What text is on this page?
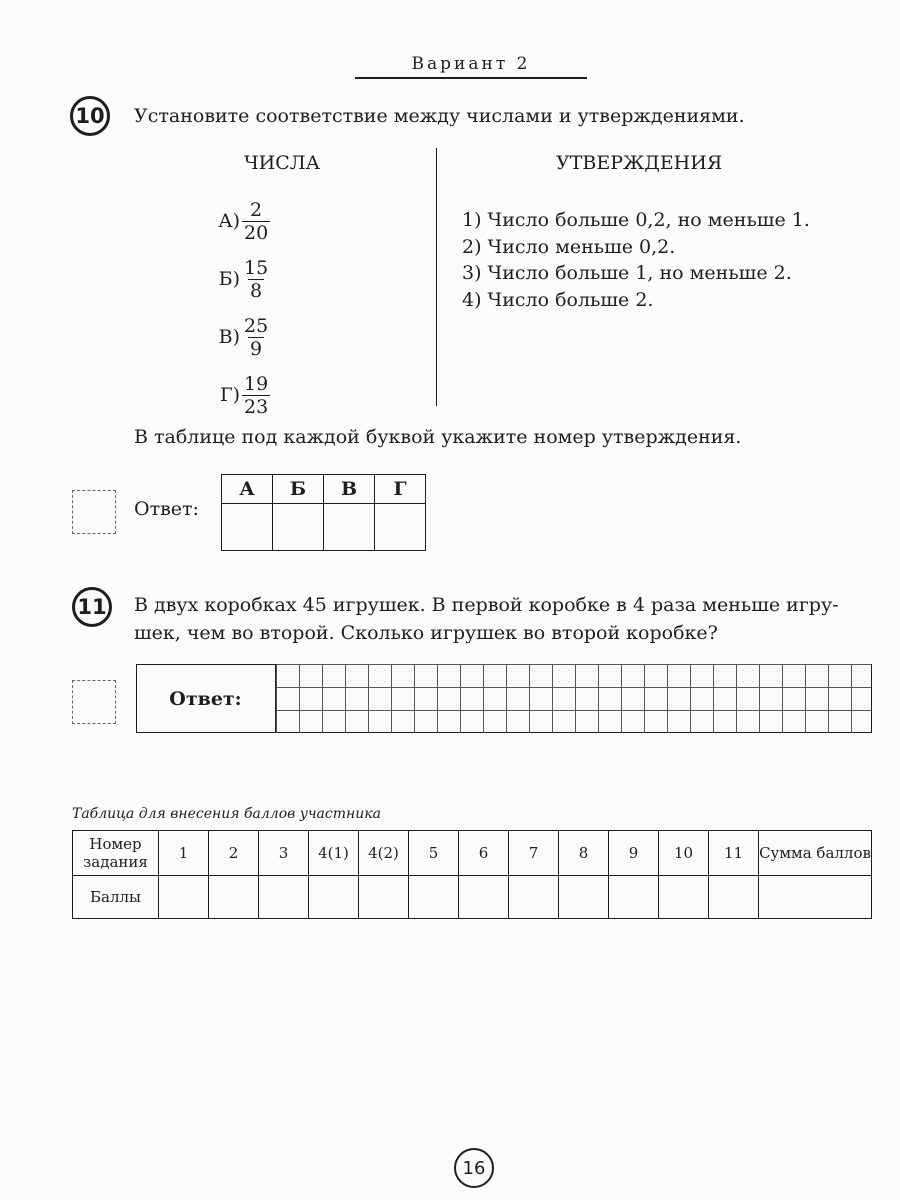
Вариант 2
10 Установите соответствие между числами и утверждениями.
ЧИСЛА	УТВЕРЖДЕНИЯ
$А) \frac{2}{20}$
$Б) \frac{15}{8}$
$В) \frac{25}{9}$
$Г) \frac{19}{23}$
1) Число больше 0,2, но меньше 1.
2) Число меньше 0,2.
3) Число больше 1, но меньше 2.
4) Число больше 2.
В таблице под каждой буквой укажите номер утверждения.
Ответ:
А	Б	В	Г

11 В двух коробках 45 игрушек. В первой коробке в 4 раза меньше игру-
шек, чем во второй. Сколько игрушек во второй коробке?
Ответ:
Таблица для внесения баллов участника
Номер задания	1	2	3	4(1)	4(2)	5	6	7	8	9	10	11	Сумма баллов
Баллы													
16
